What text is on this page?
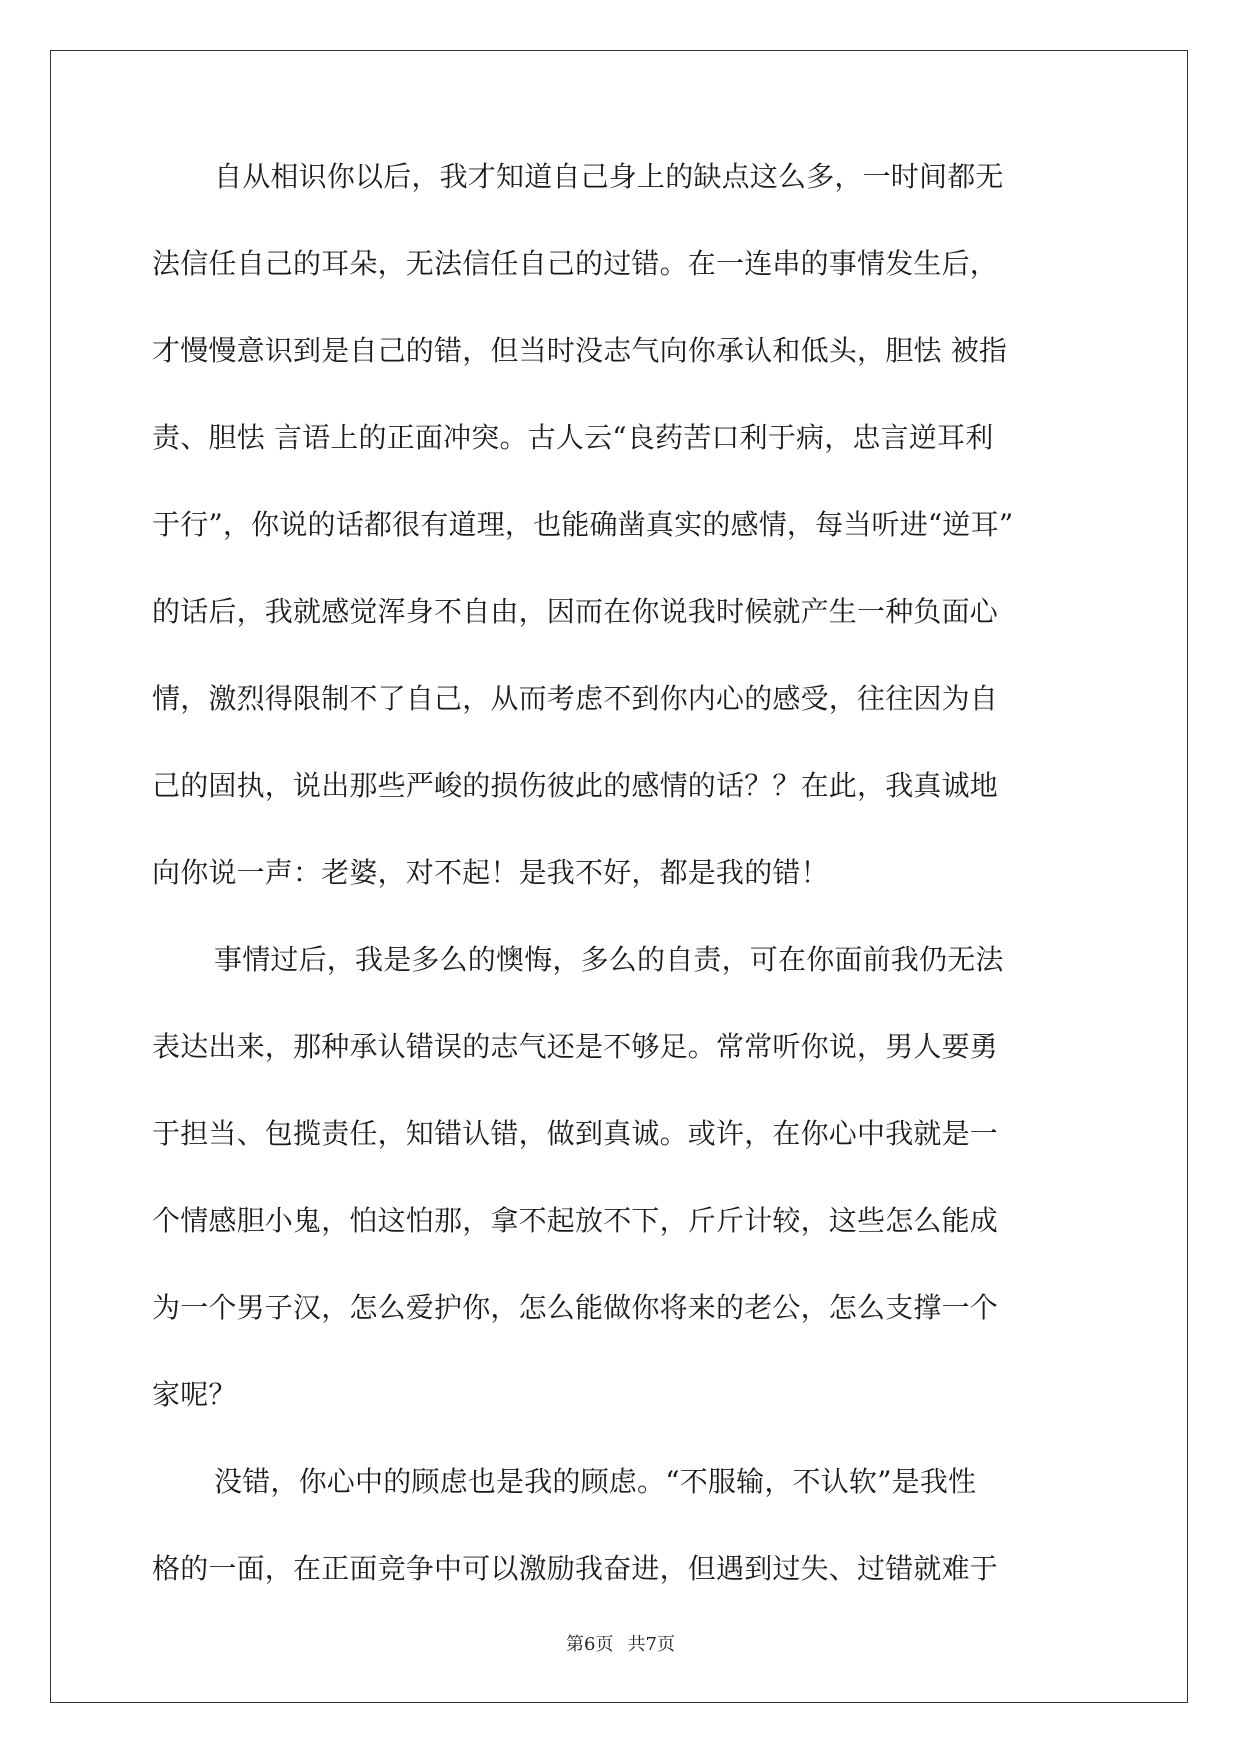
自从相识你以后，我才知道自己身上的缺点这么多，一时间都无
法信任自己的耳朵，无法信任自己的过错。在一连串的事情发生后，
才慢慢意识到是自己的错，但当时没志气向你承认和低头，胆怯 被指
责、胆怯 言语上的正面冲突。古人云“良药苦口利于病，忠言逆耳利
于行”，你说的话都很有道理，也能确凿真实的感情，每当听进“逆耳”
的话后，我就感觉浑身不自由，因而在你说我时候就产生一种负面心
情，激烈得限制不了自己，从而考虑不到你内心的感受，往往因为自
己的固执，说出那些严峻的损伤彼此的感情的话？？在此，我真诚地
向你说一声：老婆，对不起！是我不好，都是我的错！
事情过后，我是多么的懊悔，多么的自责，可在你面前我仍无法
表达出来，那种承认错误的志气还是不够足。常常听你说，男人要勇
于担当、包揽责任，知错认错，做到真诚。或许，在你心中我就是一
个情感胆小鬼，怕这怕那，拿不起放不下，斤斤计较，这些怎么能成
为一个男子汉，怎么爱护你，怎么能做你将来的老公，怎么支撑一个
家呢？
没错，你心中的顾虑也是我的顾虑。“不服输，不认软”是我性
格的一面，在正面竞争中可以激励我奋进，但遇到过失、过错就难于
第6页 共7页
